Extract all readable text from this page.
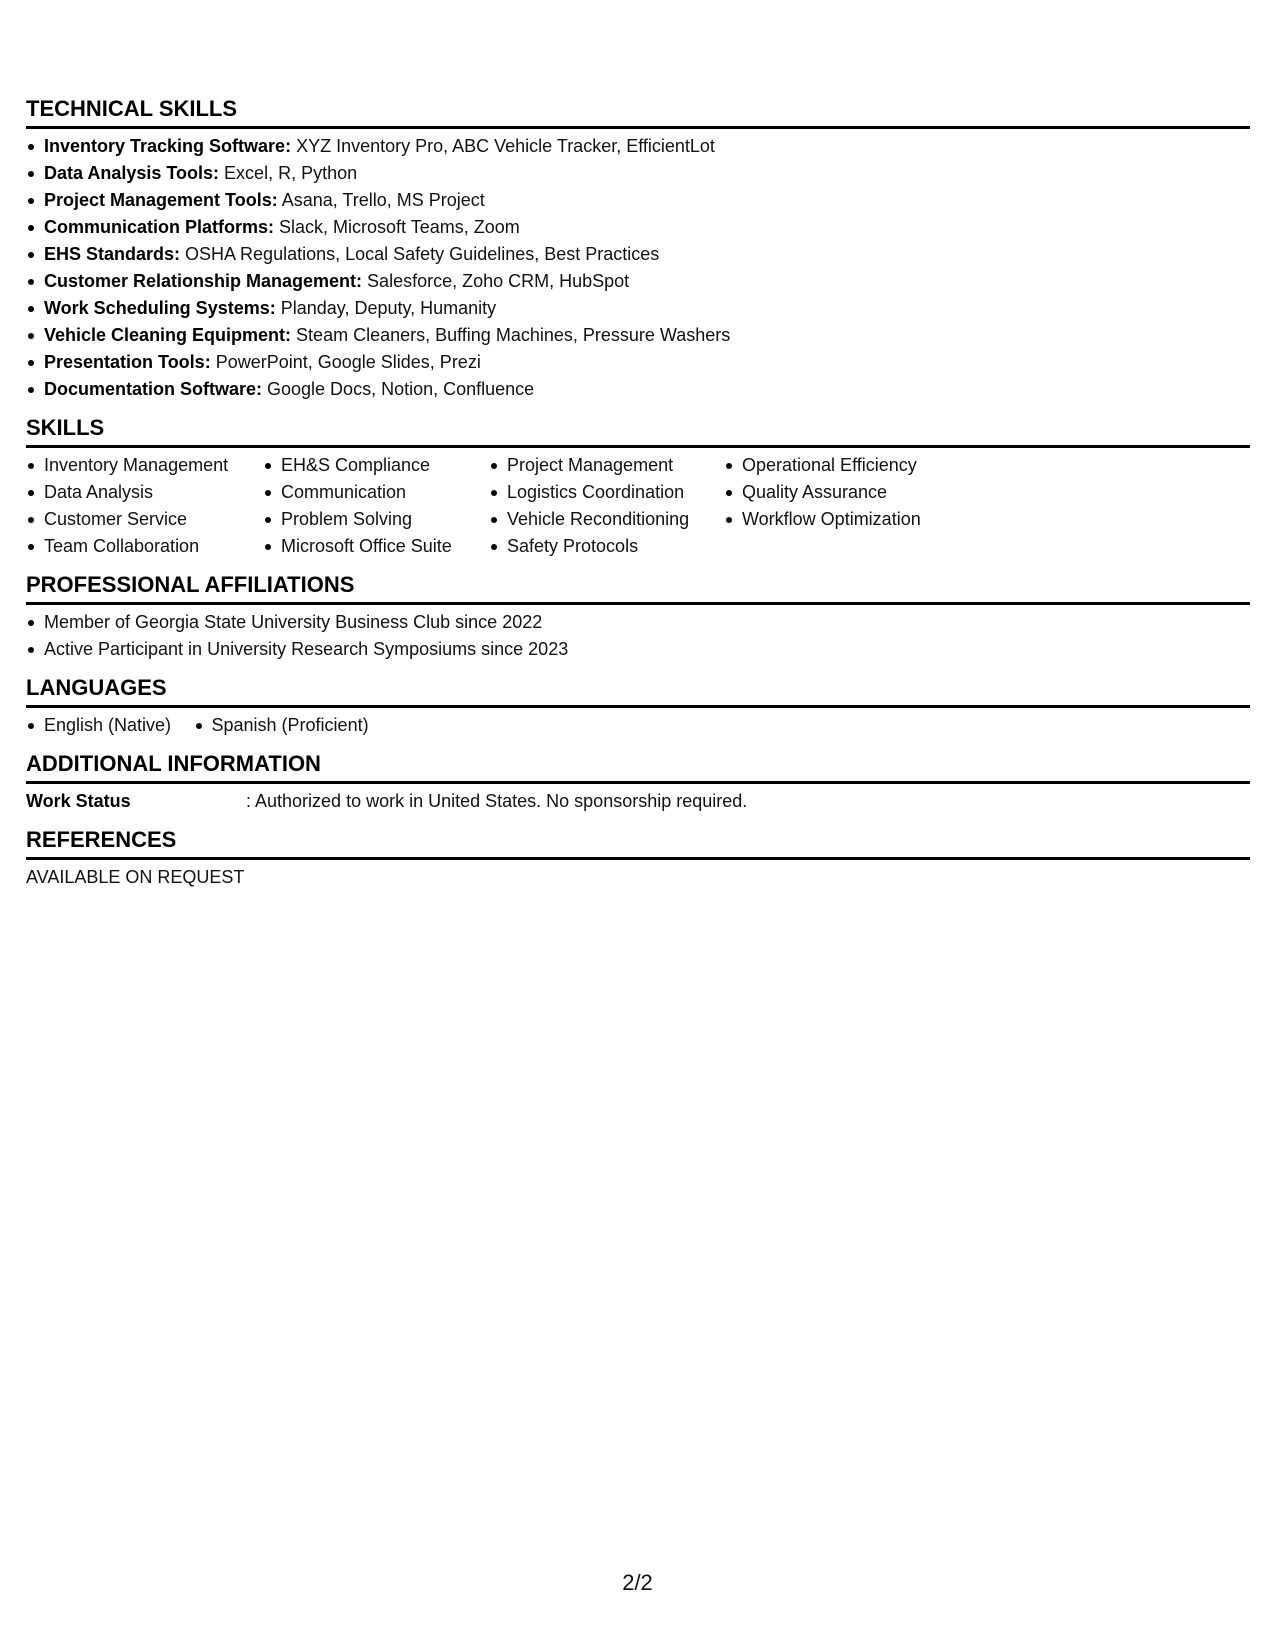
TECHNICAL SKILLS
Inventory Tracking Software: XYZ Inventory Pro, ABC Vehicle Tracker, EfficientLot
Data Analysis Tools: Excel, R, Python
Project Management Tools: Asana, Trello, MS Project
Communication Platforms: Slack, Microsoft Teams, Zoom
EHS Standards: OSHA Regulations, Local Safety Guidelines, Best Practices
Customer Relationship Management: Salesforce, Zoho CRM, HubSpot
Work Scheduling Systems: Planday, Deputy, Humanity
Vehicle Cleaning Equipment: Steam Cleaners, Buffing Machines, Pressure Washers
Presentation Tools: PowerPoint, Google Slides, Prezi
Documentation Software: Google Docs, Notion, Confluence
SKILLS
Inventory Management
Data Analysis
Customer Service
Team Collaboration
EH&S Compliance
Communication
Problem Solving
Microsoft Office Suite
Project Management
Logistics Coordination
Vehicle Reconditioning
Safety Protocols
Operational Efficiency
Quality Assurance
Workflow Optimization
PROFESSIONAL AFFILIATIONS
Member of Georgia State University Business Club since 2022
Active Participant in University Research Symposiums since 2023
LANGUAGES
English (Native) Spanish (Proficient)
ADDITIONAL INFORMATION
Work Status	: Authorized to work in United States. No sponsorship required.
REFERENCES
AVAILABLE ON REQUEST
2/2
